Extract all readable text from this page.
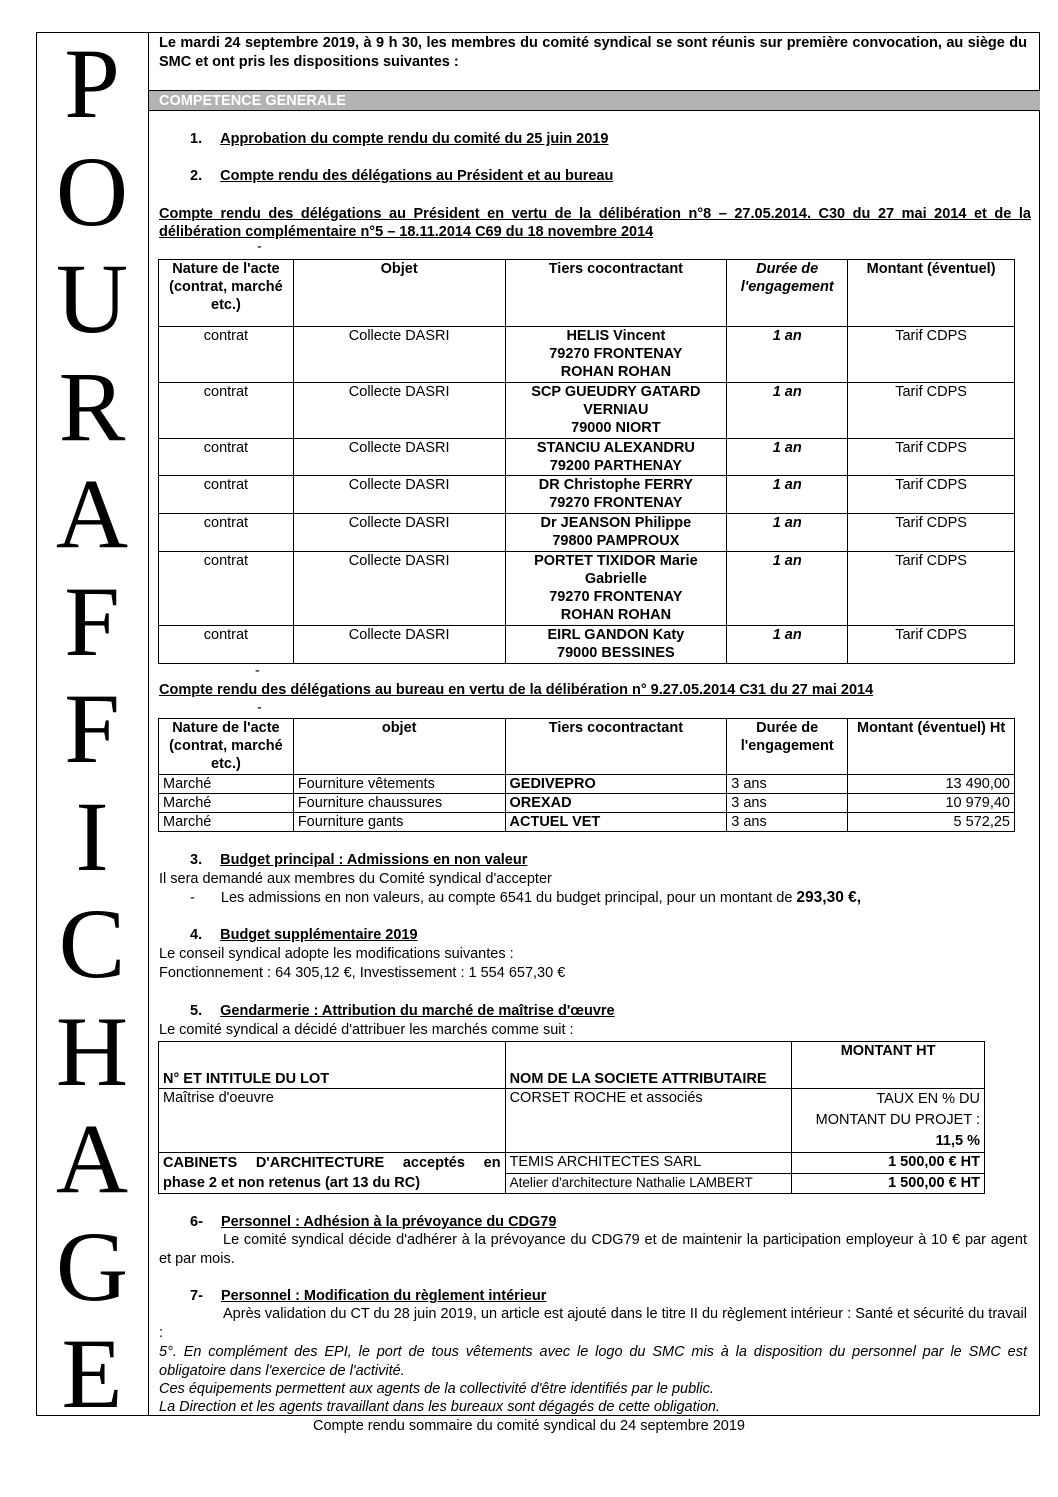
P
O
U
R
A
F
F
I
C
H
A
G
E
Le mardi 24 septembre 2019, à 9 h 30, les membres du comité syndical se sont réunis sur première convocation, au siège du SMC et ont pris les dispositions suivantes :
COMPETENCE GENERALE
1. Approbation du compte rendu du comité du 25 juin 2019
2. Compte rendu des délégations au Président et au bureau
Compte rendu des délégations au Président en vertu de la délibération n°8 – 27.05.2014. C30 du 27 mai 2014 et de la délibération complémentaire n°5 – 18.11.2014 C69 du 18 novembre 2014
-
Nature de l'acte (contrat, marché etc.)	Objet	Tiers cocontractant	Durée de l'engagement	Montant (éventuel)
contrat	Collecte DASRI	HELIS Vincent
79270 FRONTENAY
ROHAN ROHAN	1 an	Tarif CDPS
contrat	Collecte DASRI	SCP GUEUDRY GATARD
VERNIAU
79000 NIORT	1 an	Tarif CDPS
contrat	Collecte DASRI	STANCIU ALEXANDRU
79200 PARTHENAY	1 an	Tarif CDPS
contrat	Collecte DASRI	DR Christophe FERRY
79270 FRONTENAY	1 an	Tarif CDPS
contrat	Collecte DASRI	Dr JEANSON Philippe
79800 PAMPROUX	1 an	Tarif CDPS
contrat	Collecte DASRI	PORTET TIXIDOR Marie
Gabrielle
79270 FRONTENAY
ROHAN ROHAN	1 an	Tarif CDPS
contrat	Collecte DASRI	EIRL GANDON Katy
79000 BESSINES	1 an	Tarif CDPS
-
Compte rendu des délégations au bureau en vertu de la délibération n° 9.27.05.2014 C31 du 27 mai 2014
-
Nature de l'acte (contrat, marché etc.)	objet	Tiers cocontractant	Durée de l'engagement	Montant (éventuel) Ht
Marché	Fourniture vêtements	GEDIVEPRO	3 ans	13 490,00
Marché	Fourniture chaussures	OREXAD	3 ans	10 979,40
Marché	Fourniture gants	ACTUEL VET	3 ans	5 572,25
3. Budget principal : Admissions en non valeur
Il sera demandé aux membres du Comité syndical d'accepter
- Les admissions en non valeurs, au compte 6541 du budget principal, pour un montant de 293,30 €,
4. Budget supplémentaire 2019
Le conseil syndical adopte les modifications suivantes :
Fonctionnement : 64 305,12 €, Investissement : 1 554 657,30 €
5. Gendarmerie : Attribution du marché de maîtrise d'œuvre
Le comité syndical a décidé d'attribuer les marchés comme suit :
N° ET INTITULE DU LOT	NOM DE LA SOCIETE ATTRIBUTAIRE	MONTANT HT
Maîtrise d'oeuvre	CORSET ROCHE et associés	TAUX EN % DU
MONTANT DU PROJET :
11,5 %

CABINETS D'ARCHITECTURE acceptés en phase 2 et non retenus (art 13 du RC)	TEMIS ARCHITECTES SARL	1 500,00 € HT
	Atelier d'architecture Nathalie LAMBERT	1 500,00 € HT
6- Personnel : Adhésion à la prévoyance du CDG79
Le comité syndical décide d'adhérer à la prévoyance du CDG79 et de maintenir la participation employeur à 10 € par agent et par mois.
7- Personnel : Modification du règlement intérieur
Après validation du CT du 28 juin 2019, un article est ajouté dans le titre II du règlement intérieur : Santé et sécurité du travail :
5°. En complément des EPI, le port de tous vêtements avec le logo du SMC mis à la disposition du personnel par le SMC est obligatoire dans l'exercice de l'activité.
Ces équipements permettent aux agents de la collectivité d'être identifiés par le public.
La Direction et les agents travaillant dans les bureaux sont dégagés de cette obligation.
Compte rendu sommaire du comité syndical du 24 septembre 2019
